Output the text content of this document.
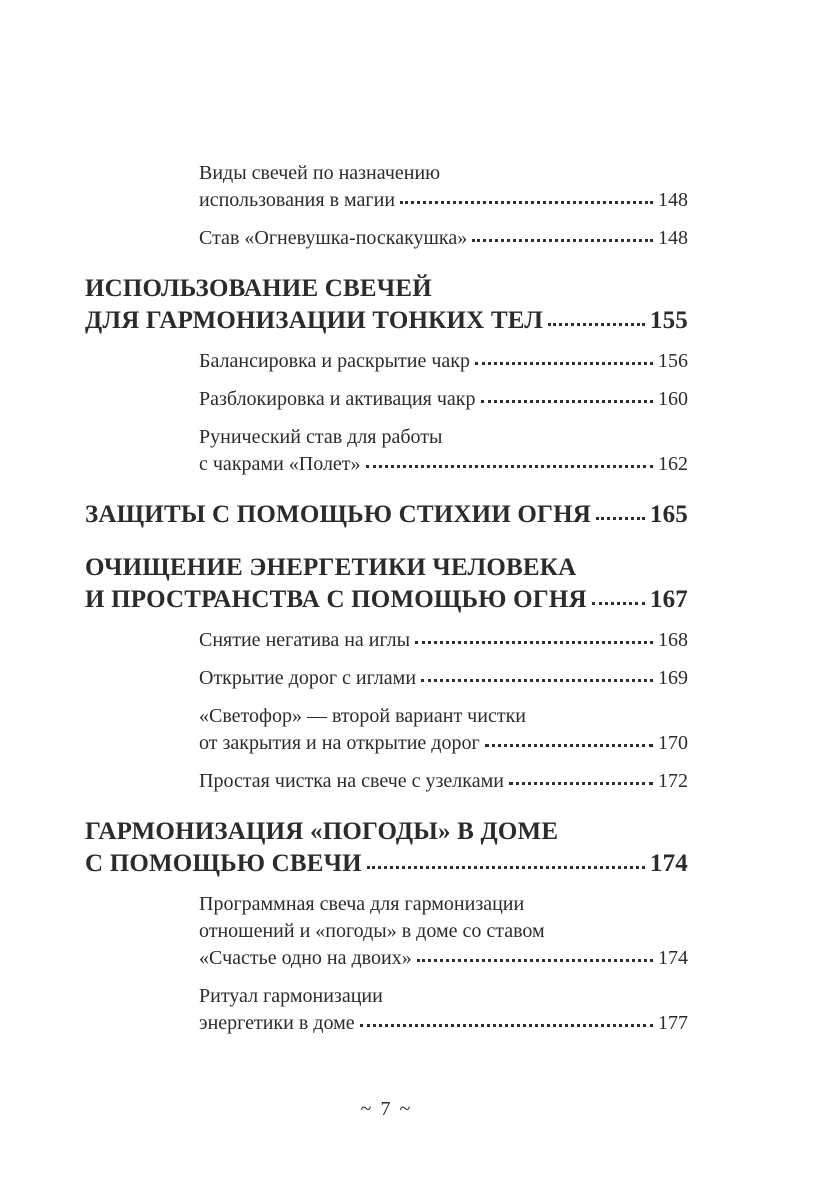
Виды свечей по назначению
использования в магии	148
Став «Огневушка-поскакушка»	148
ИСПОЛЬЗОВАНИЕ СВЕЧЕЙ
ДЛЯ ГАРМОНИЗАЦИИ ТОНКИХ ТЕЛ	155
Балансировка и раскрытие чакр	156
Разблокировка и активация чакр	160
Рунический став для работы
с чакрами «Полет»	162
ЗАЩИТЫ С ПОМОЩЬЮ СТИХИИ ОГНЯ 165
ОЧИЩЕНИЕ ЭНЕРГЕТИКИ ЧЕЛОВЕКА
И ПРОСТРАНСТВА С ПОМОЩЬЮ ОГНЯ	167
Снятие негатива на иглы	168
Открытие дорог с иглами	169
«Светофор» — второй вариант чистки
от закрытия и на открытие дорог	170
Простая чистка на свече с узелками	172
ГАРМОНИЗАЦИЯ «ПОГОДЫ» В ДОМЕ
С ПОМОЩЬЮ СВЕЧИ	174
Программная свеча для гармонизации
отношений и «погоды» в доме со ставом
«Счастье одно на двоих»	174
Ритуал гармонизации
энергетики в доме	177
~ 7 ~
